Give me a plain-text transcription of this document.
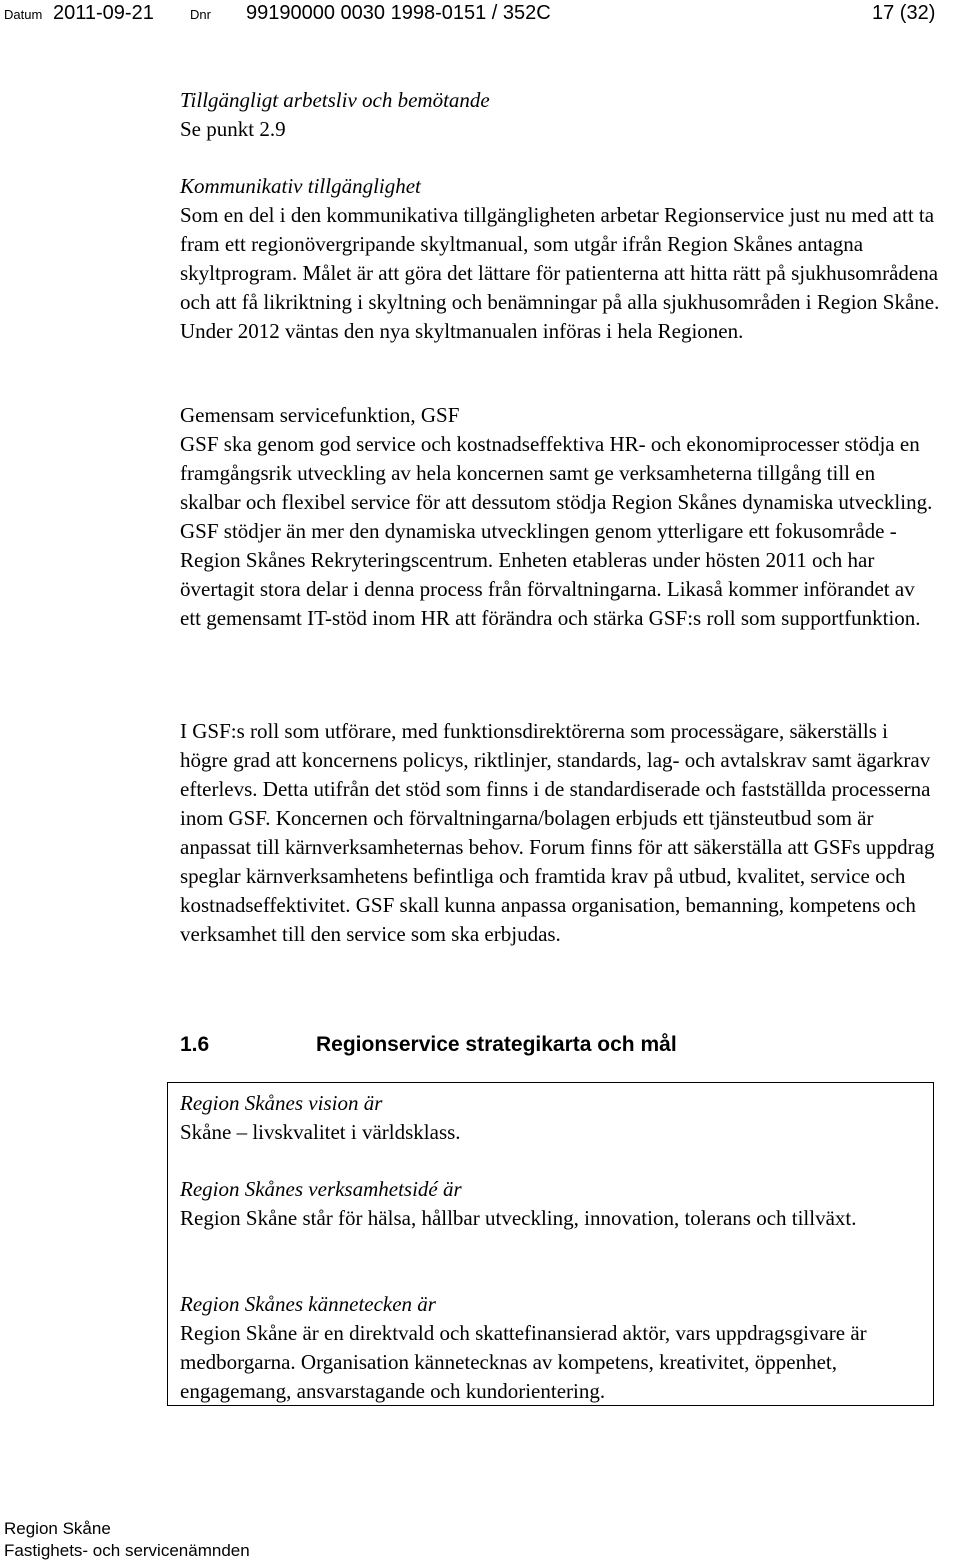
Datum 2011-09-21	Dnr 99190000 0030 1998-0151 / 352C	17 (32)
Tillgängligt arbetsliv och bemötande
Se punkt 2.9
Kommunikativ tillgänglighet

Som en del i den kommunikativa tillgängligheten arbetar Regionservice just nu med att ta fram ett regionövergripande skyltmanual, som utgår ifrån Region Skånes antagna skyltprogram. Målet är att göra det lättare för patienterna att hitta rätt på sjukhusområdena och att få likriktning i skyltning och benämningar på alla sjukhusområden i Region Skåne. Under 2012 väntas den nya skyltmanualen införas i hela Regionen.

Gemensam servicefunktion, GSF

GSF ska genom god service och kostnadseffektiva HR- och ekonomiprocesser stödja en framgångsrik utveckling av hela koncernen samt ge verksamheterna tillgång till en skalbar och flexibel service för att dessutom stödja Region Skånes dynamiska utveckling. GSF stödjer än mer den dynamiska utvecklingen genom ytterligare ett fokusområde - Region Skånes Rekryteringscentrum. Enheten etableras under hösten 2011 och har övertagit stora delar i denna process från förvaltningarna. Likaså kommer införandet av ett gemensamt IT-stöd inom HR att förändra och stärka GSF:s roll som supportfunktion.

I GSF:s roll som utförare, med funktionsdirektörerna som processägare, säkerställs i högre grad att koncernens policys, riktlinjer, standards, lag- och avtalskrav samt ägarkrav efterlevs. Detta utifrån det stöd som finns i de standardiserade och fastställda processerna inom GSF. Koncernen och förvaltningarna/bolagen erbjuds ett tjänsteutbud som är anpassat till kärnverksamheternas behov. Forum finns för att säkerställa att GSFs uppdrag speglar kärnverksamhetens befintliga och framtida krav på utbud, kvalitet, service och kostnadseffektivitet. GSF skall kunna anpassa organisation, bemanning, kompetens och verksamhet till den service som ska erbjudas.

1.6	Regionservice strategikarta och mål
Region Skånes vision är
Skåne – livskvalitet i världsklass.
Region Skånes verksamhetsidé är
Region Skåne står för hälsa, hållbar utveckling, innovation, tolerans och tillväxt.
Region Skånes kännetecken är
Region Skåne är en direktvald och skattefinansierad aktör, vars uppdragsgivare är medborgarna. Organisation kännetecknas av kompetens, kreativitet, öppenhet, engagemang, ansvarstagande och kundorientering.
Region Skåne
Fastighets- och servicenämnden
